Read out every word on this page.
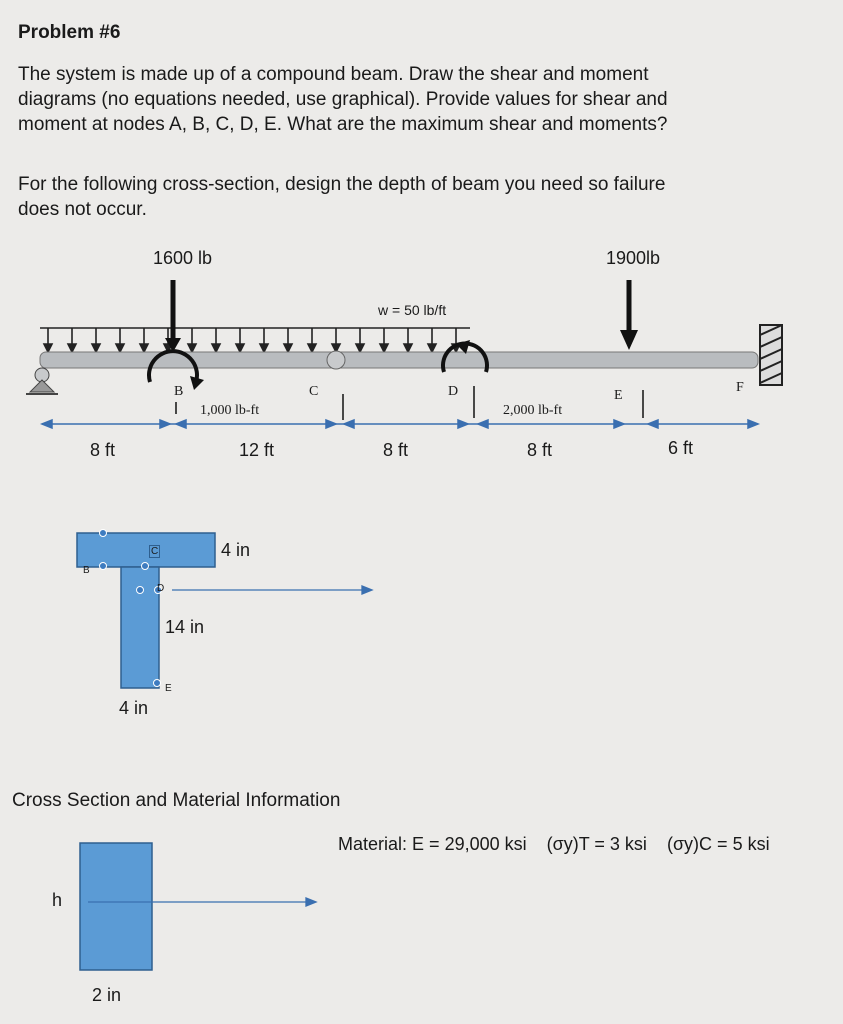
Problem #6
The system is made up of a compound beam. Draw the shear and moment
diagrams (no equations needed, use graphical). Provide values for shear and
moment at nodes A, B, C, D, E. What are the maximum shear and moments?
For the following cross-section, design the depth of beam you need so failure
does not occur.
1600 lb	1900lb
w = 50 lb/ft
1,000 lb-ft	2,000 lb-ft
B	C	D	E
F
8 ft	12 ft	8 ft	8 ft	6 ft
4 in
14 in
4 in
B
C
D
E
Cross Section and Material Information
Material: E = 29,000 ksi (σy)T = 3 ksi (σy)C = 5 ksi
h
2 in
